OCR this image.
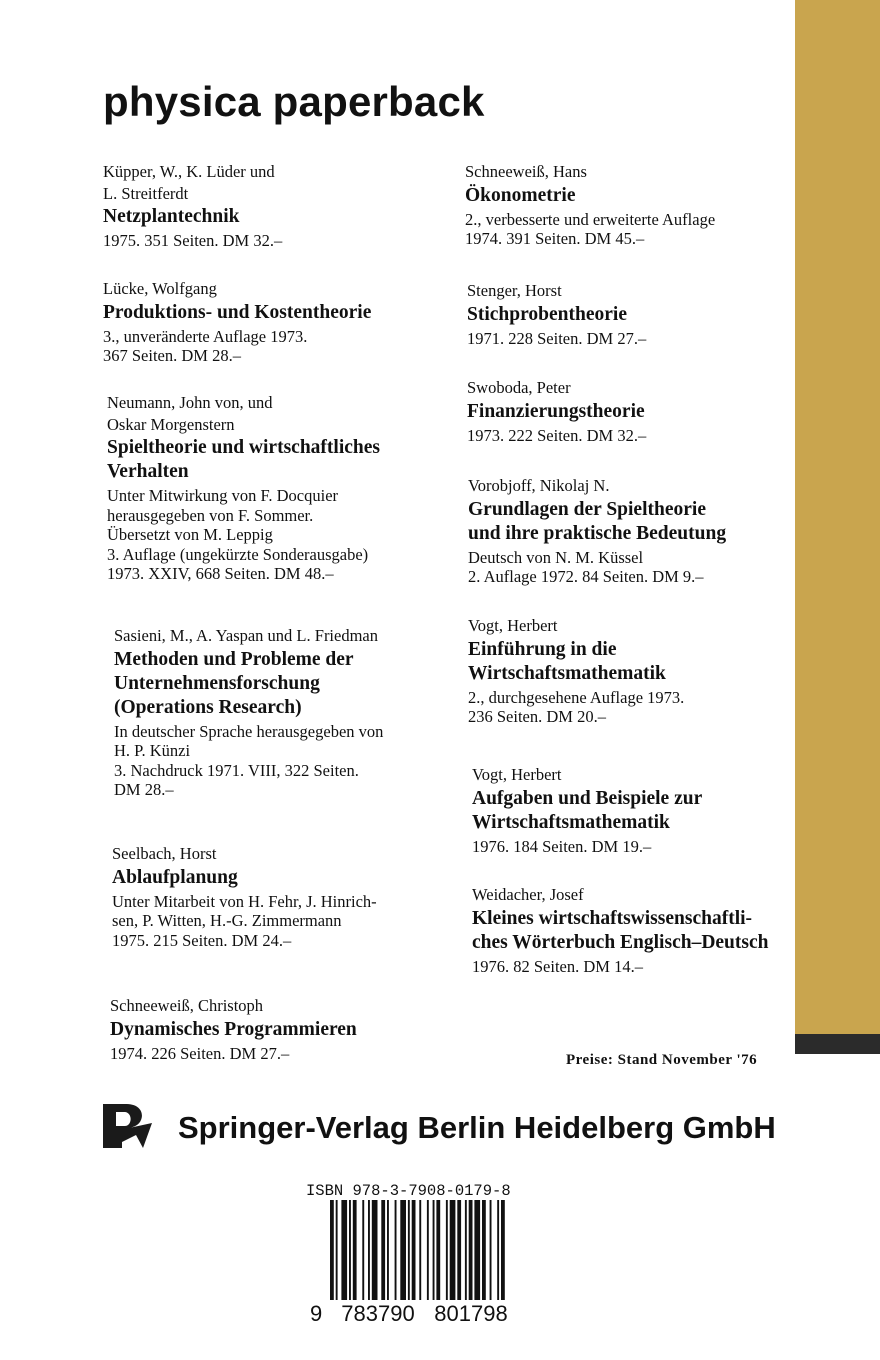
physica paperback
Küpper, W., K. Lüder und
L. Streitferdt
Netzplantechnik
1975. 351 Seiten. DM 32.–
Lücke, Wolfgang
Produktions- und Kostentheorie
3., unveränderte Auflage 1973.
367 Seiten. DM 28.–
Neumann, John von, und
Oskar Morgenstern
Spieltheorie und wirtschaftliches
Verhalten
Unter Mitwirkung von F. Docquier
herausgegeben von F. Sommer.
Übersetzt von M. Leppig
3. Auflage (ungekürzte Sonderausgabe)
1973. XXIV, 668 Seiten. DM 48.–
Sasieni, M., A. Yaspan und L. Friedman
Methoden und Probleme der
Unternehmensforschung
(Operations Research)
In deutscher Sprache herausgegeben von
H. P. Künzi
3. Nachdruck 1971. VIII, 322 Seiten.
DM 28.–
Seelbach, Horst
Ablaufplanung
Unter Mitarbeit von H. Fehr, J. Hinrich-
sen, P. Witten, H.-G. Zimmermann
1975. 215 Seiten. DM 24.–
Schneeweiß, Christoph
Dynamisches Programmieren
1974. 226 Seiten. DM 27.–
Schneeweiß, Hans
Ökonometrie
2., verbesserte und erweiterte Auflage
1974. 391 Seiten. DM 45.–
Stenger, Horst
Stichprobentheorie
1971. 228 Seiten. DM 27.–
Swoboda, Peter
Finanzierungstheorie
1973. 222 Seiten. DM 32.–
Vorobjoff, Nikolaj N.
Grundlagen der Spieltheorie
und ihre praktische Bedeutung
Deutsch von N. M. Küssel
2. Auflage 1972. 84 Seiten. DM 9.–
Vogt, Herbert
Einführung in die
Wirtschaftsmathematik
2., durchgesehene Auflage 1973.
236 Seiten. DM 20.–
Vogt, Herbert
Aufgaben und Beispiele zur
Wirtschaftsmathematik
1976. 184 Seiten. DM 19.–
Weidacher, Josef
Kleines wirtschaftswissenschaftli-
ches Wörterbuch Englisch–Deutsch
1976. 82 Seiten. DM 14.–

Preise: Stand November '76

Springer-Verlag Berlin Heidelberg GmbH

ISBN 978-3-7908-0179-8

9 783790 801798
